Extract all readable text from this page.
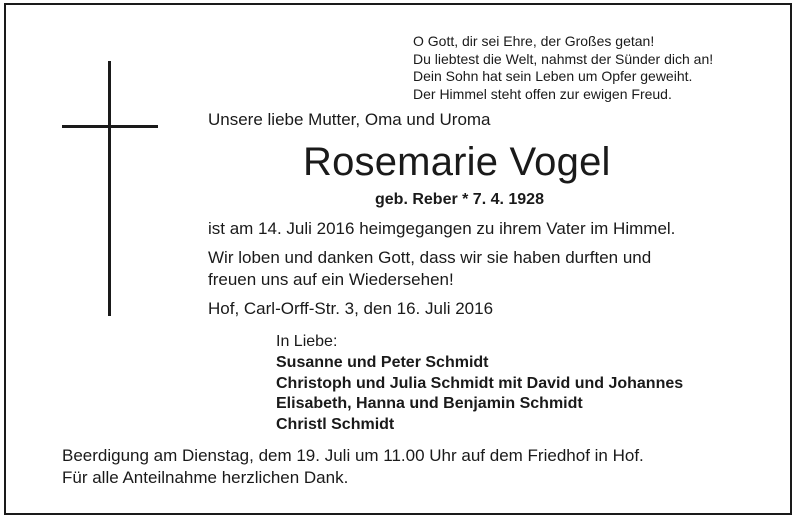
O Gott, dir sei Ehre, der Großes getan!
Du liebtest die Welt, nahmst der Sünder dich an!
Dein Sohn hat sein Leben um Opfer geweiht.
Der Himmel steht offen zur ewigen Freud.
Unsere liebe Mutter, Oma und Uroma
Rosemarie Vogel
geb. Reber * 7. 4. 1928
ist am 14. Juli 2016 heimgegangen zu ihrem Vater im Himmel.
Wir loben und danken Gott, dass wir sie haben durften und
freuen uns auf ein Wiedersehen!
Hof, Carl-Orff-Str. 3, den 16. Juli 2016
In Liebe:
Susanne und Peter Schmidt
Christoph und Julia Schmidt mit David und Johannes
Elisabeth, Hanna und Benjamin Schmidt
Christl Schmidt
Beerdigung am Dienstag, dem 19. Juli um 11.00 Uhr auf dem Friedhof in Hof.
Für alle Anteilnahme herzlichen Dank.
